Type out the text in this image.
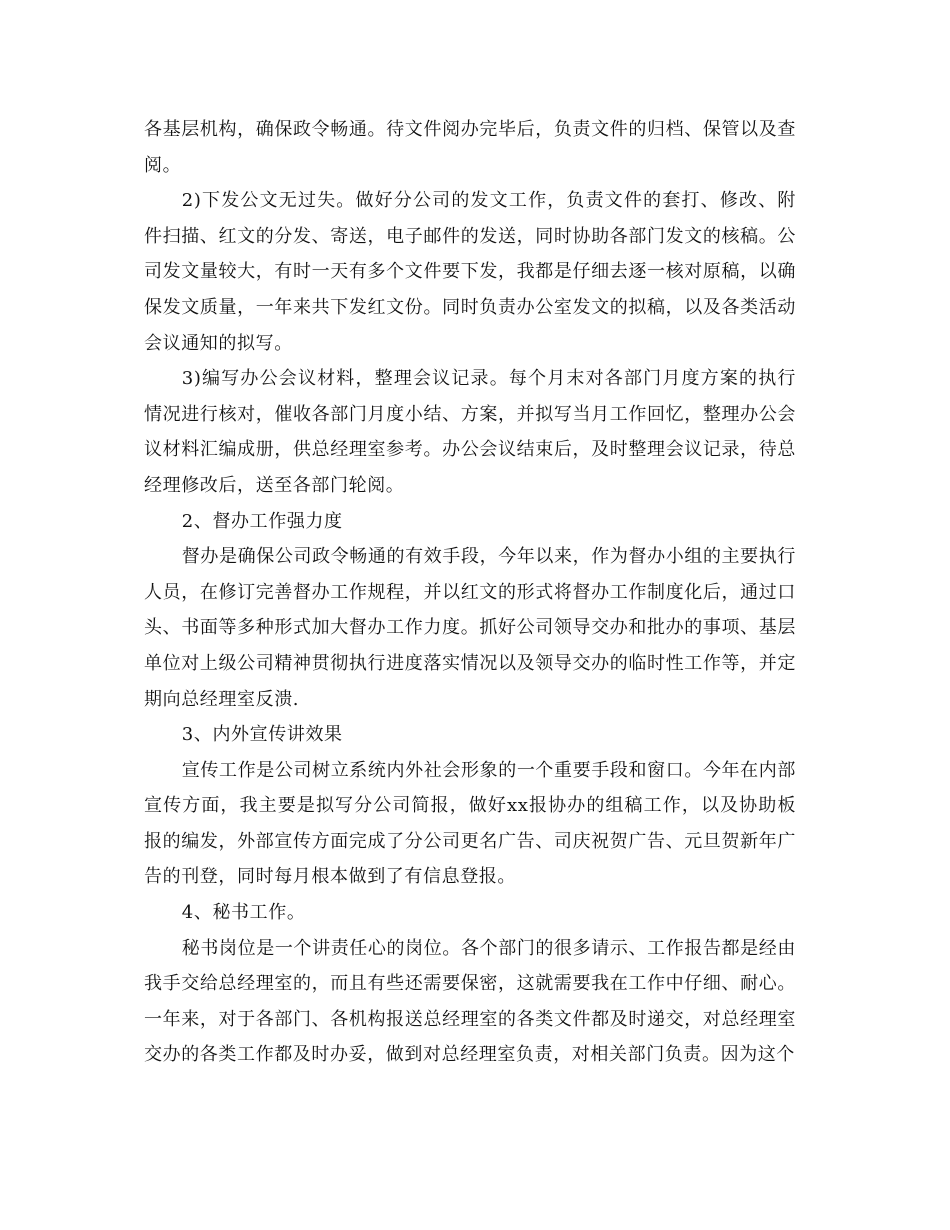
各基层机构，确保政令畅通。待文件阅办完毕后，负责文件的归档、保管以及查阅。

2)下发公文无过失。做好分公司的发文工作，负责文件的套打、修改、附件扫描、红文的分发、寄送，电子邮件的发送，同时协助各部门发文的核稿。公司发文量较大，有时一天有多个文件要下发，我都是仔细去逐一核对原稿，以确保发文质量，一年来共下发红文份。同时负责办公室发文的拟稿，以及各类活动会议通知的拟写。

3)编写办公会议材料，整理会议记录。每个月末对各部门月度方案的执行情况进行核对，催收各部门月度小结、方案，并拟写当月工作回忆，整理办公会议材料汇编成册，供总经理室参考。办公会议结束后，及时整理会议记录，待总经理修改后，送至各部门轮阅。

2、督办工作强力度

督办是确保公司政令畅通的有效手段，今年以来，作为督办小组的主要执行人员，在修订完善督办工作规程，并以红文的形式将督办工作制度化后，通过口头、书面等多种形式加大督办工作力度。抓好公司领导交办和批办的事项、基层单位对上级公司精神贯彻执行进度落实情况以及领导交办的临时性工作等，并定期向总经理室反溃.

3、内外宣传讲效果

宣传工作是公司树立系统内外社会形象的一个重要手段和窗口。今年在内部宣传方面，我主要是拟写分公司简报，做好xx报协办的组稿工作，以及协助板报的编发，外部宣传方面完成了分公司更名广告、司庆祝贺广告、元旦贺新年广告的刊登，同时每月根本做到了有信息登报。

4、秘书工作。

秘书岗位是一个讲责任心的岗位。各个部门的很多请示、工作报告都是经由我手交给总经理室的，而且有些还需要保密，这就需要我在工作中仔细、耐心。一年来，对于各部门、各机构报送总经理室的各类文件都及时递交，对总经理室交办的各类工作都及时办妥，做到对总经理室负责，对相关部门负责。因为这个
